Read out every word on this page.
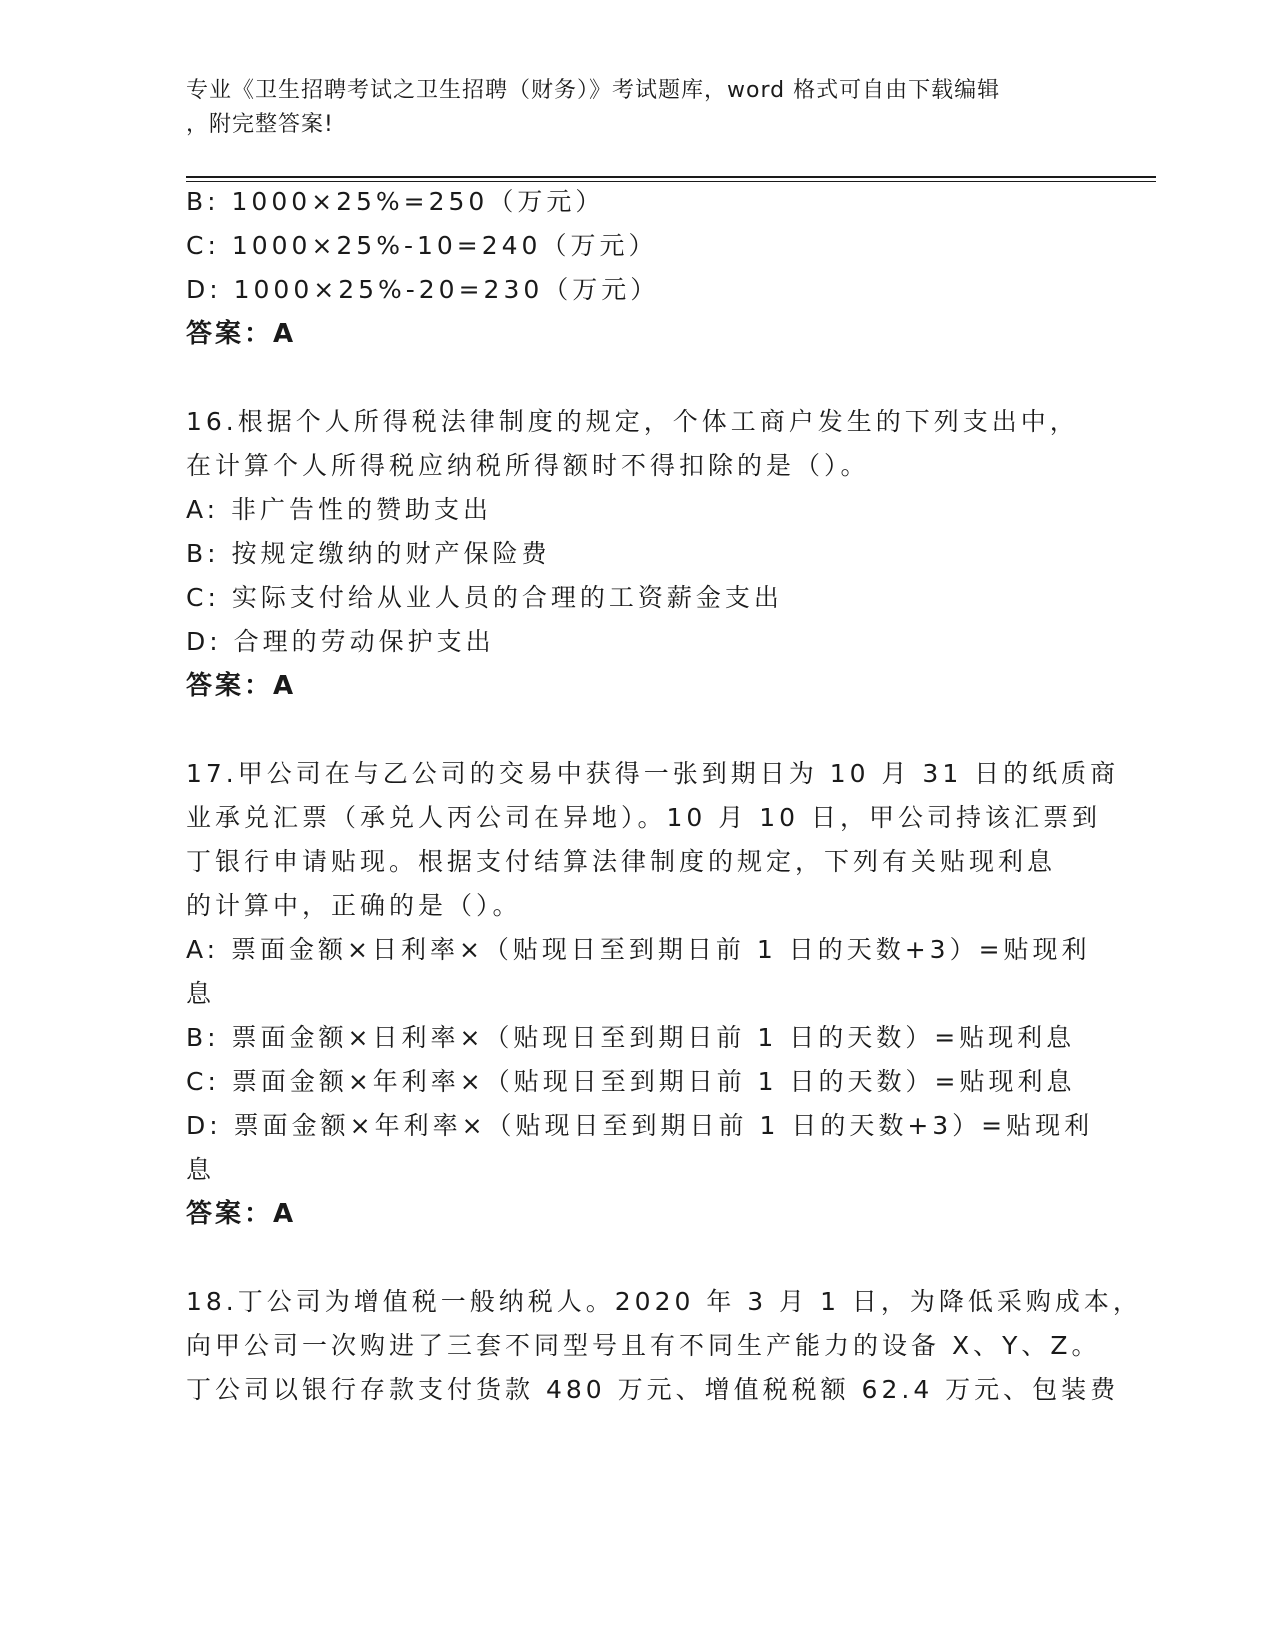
专业《卫生招聘考试之卫生招聘（财务）》考试题库，word 格式可自由下载编辑
，附完整答案!
B: 1000×25%=250（万元）
C: 1000×25%-10=240（万元）
D: 1000×25%-20=230（万元）
答案：A
16.根据个人所得税法律制度的规定，个体工商户发生的下列支出中，
在计算个人所得税应纳税所得额时不得扣除的是（）。
A: 非广告性的赞助支出
B: 按规定缴纳的财产保险费
C: 实际支付给从业人员的合理的工资薪金支出
D: 合理的劳动保护支出
答案：A
17.甲公司在与乙公司的交易中获得一张到期日为 10 月 31 日的纸质商
业承兑汇票（承兑人丙公司在异地）。10 月 10 日，甲公司持该汇票到
丁银行申请贴现。根据支付结算法律制度的规定，下列有关贴现利息
的计算中，正确的是（）。
A: 票面金额×日利率×（贴现日至到期日前 1 日的天数+3）=贴现利
息
B: 票面金额×日利率×（贴现日至到期日前 1 日的天数）=贴现利息
C: 票面金额×年利率×（贴现日至到期日前 1 日的天数）=贴现利息
D: 票面金额×年利率×（贴现日至到期日前 1 日的天数+3）=贴现利
息
答案：A
18.丁公司为增值税一般纳税人。2020 年 3 月 1 日，为降低采购成本，
向甲公司一次购进了三套不同型号且有不同生产能力的设备 X、Y、Z。
丁公司以银行存款支付货款 480 万元、增值税税额 62.4 万元、包装费
